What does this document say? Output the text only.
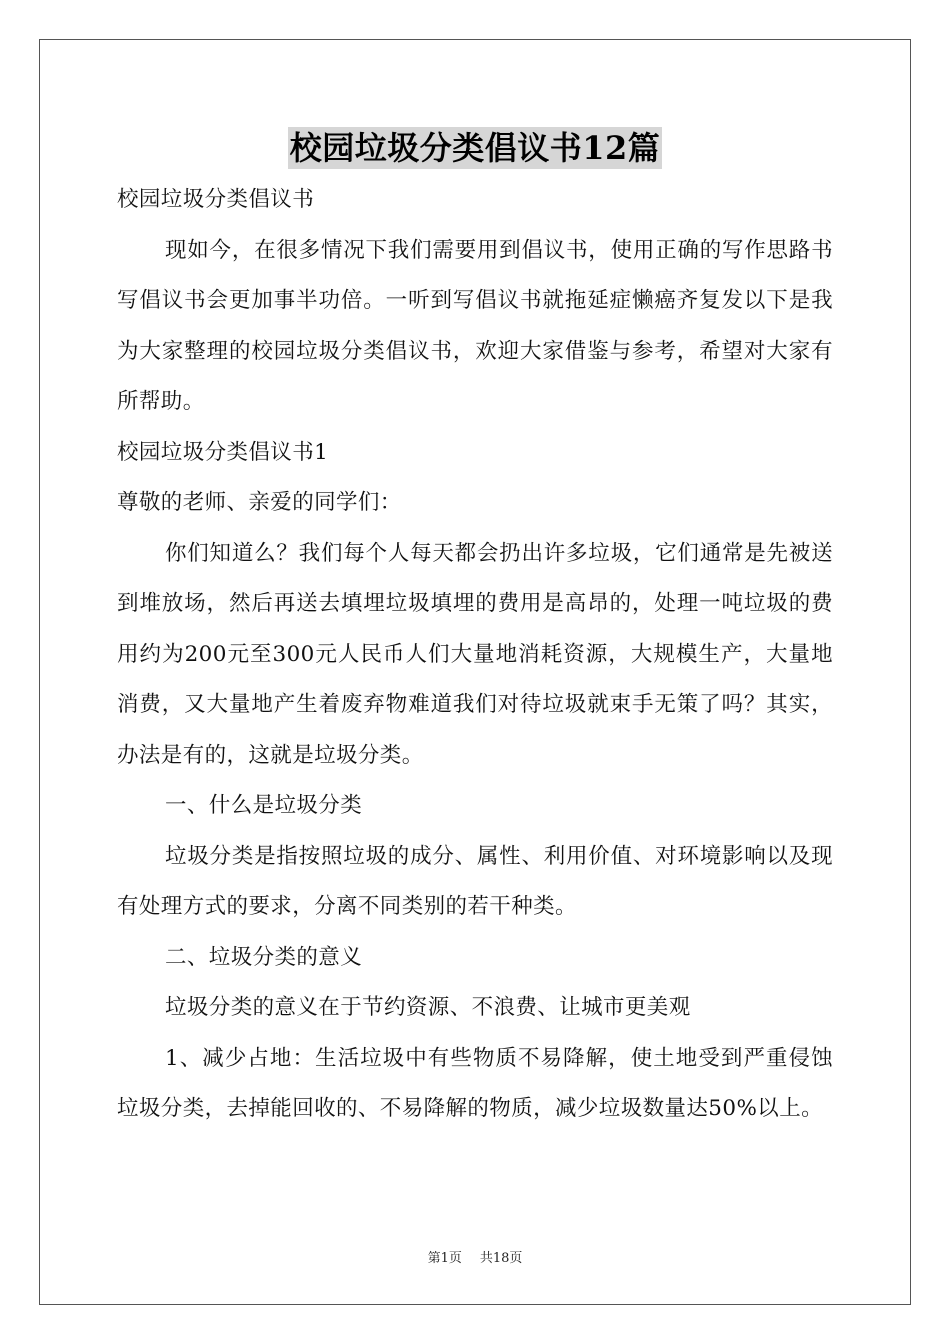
校园垃圾分类倡议书12篇

校园垃圾分类倡议书

现如今，在很多情况下我们需要用到倡议书，使用正确的写作思路书写倡议书会更加事半功倍。一听到写倡议书就拖延症懒癌齐复发以下是我为大家整理的校园垃圾分类倡议书，欢迎大家借鉴与参考，希望对大家有所帮助。

校园垃圾分类倡议书1

尊敬的老师、亲爱的同学们：

你们知道么？我们每个人每天都会扔出许多垃圾，它们通常是先被送到堆放场，然后再送去填埋垃圾填埋的费用是高昂的，处理一吨垃圾的费用约为200元至300元人民币人们大量地消耗资源，大规模生产，大量地消费，又大量地产生着废弃物难道我们对待垃圾就束手无策了吗？其实，办法是有的，这就是垃圾分类。

一、什么是垃圾分类

垃圾分类是指按照垃圾的成分、属性、利用价值、对环境影响以及现有处理方式的要求，分离不同类别的若干种类。

二、垃圾分类的意义

垃圾分类的意义在于节约资源、不浪费、让城市更美观

1、减少占地：生活垃圾中有些物质不易降解，使土地受到严重侵蚀垃圾分类，去掉能回收的、不易降解的物质，减少垃圾数量达50%以上。

第1页 共18页
